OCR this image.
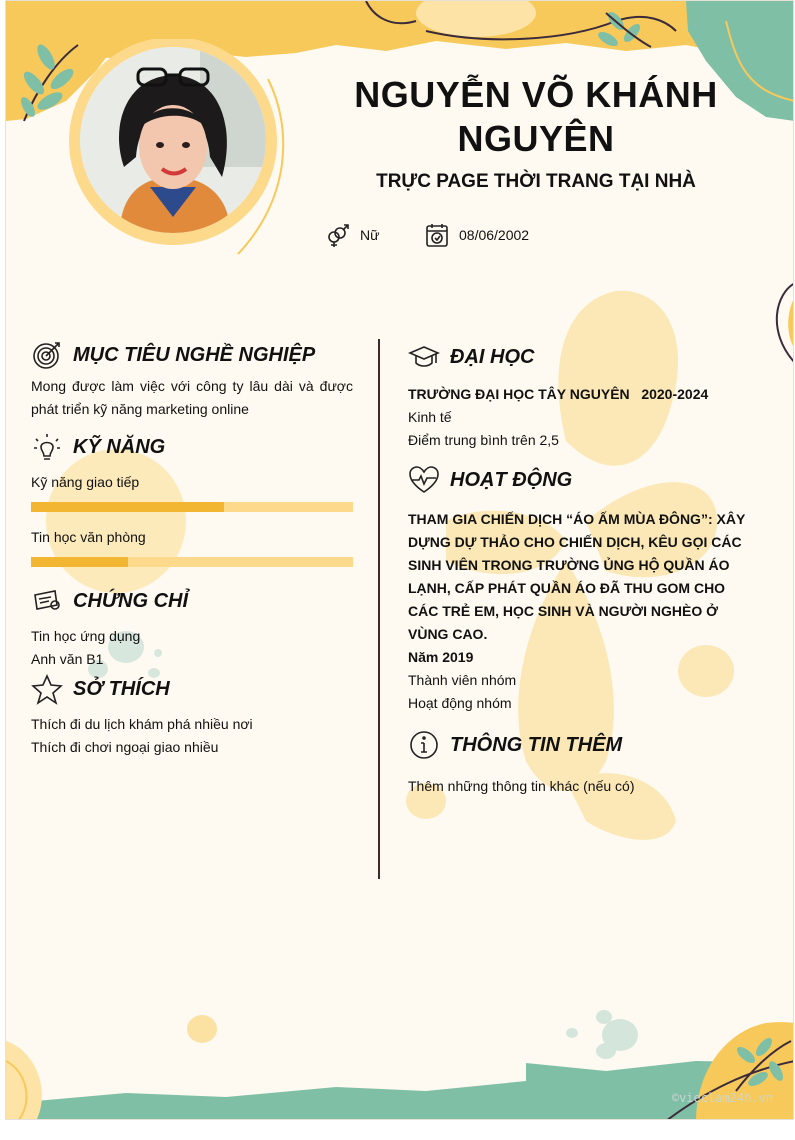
NGUYỄN VÕ KHÁNH NGUYÊN
TRỰC PAGE THỜI TRANG TẠI NHÀ
Nữ	08/06/2002
MỤC TIÊU NGHỀ NGHIỆP
Mong được làm việc với công ty lâu dài và được phát triển kỹ năng marketing online
KỸ NĂNG
Kỹ năng giao tiếp
Tin học văn phòng
CHỨNG CHỈ
Tin học ứng dụng
Anh văn B1
SỞ THÍCH
Thích đi du lịch khám phá nhiều nơi
Thích đi chơi ngoại giao nhiều
ĐẠI HỌC
TRƯỜNG ĐẠI HỌC TÂY NGUYÊN 2020-2024
Kinh tế
Điểm trung bình trên 2,5
HOẠT ĐỘNG
THAM GIA CHIẾN DỊCH “ÁO ẤM MÙA ĐÔNG”: XÂY DỰNG DỰ THẢO CHO CHIẾN DỊCH, KÊU GỌI CÁC SINH VIÊN TRONG TRƯỜNG ỦNG HỘ QUẦN ÁO LẠNH, CẤP PHÁT QUẦN ÁO ĐÃ THU GOM CHO CÁC TRẺ EM, HỌC SINH VÀ NGƯỜI NGHÈO Ở VÙNG CAO.
Năm 2019
Thành viên nhóm
Hoạt động nhóm
THÔNG TIN THÊM
Thêm những thông tin khác (nếu có)
©vieclam24h.vn
